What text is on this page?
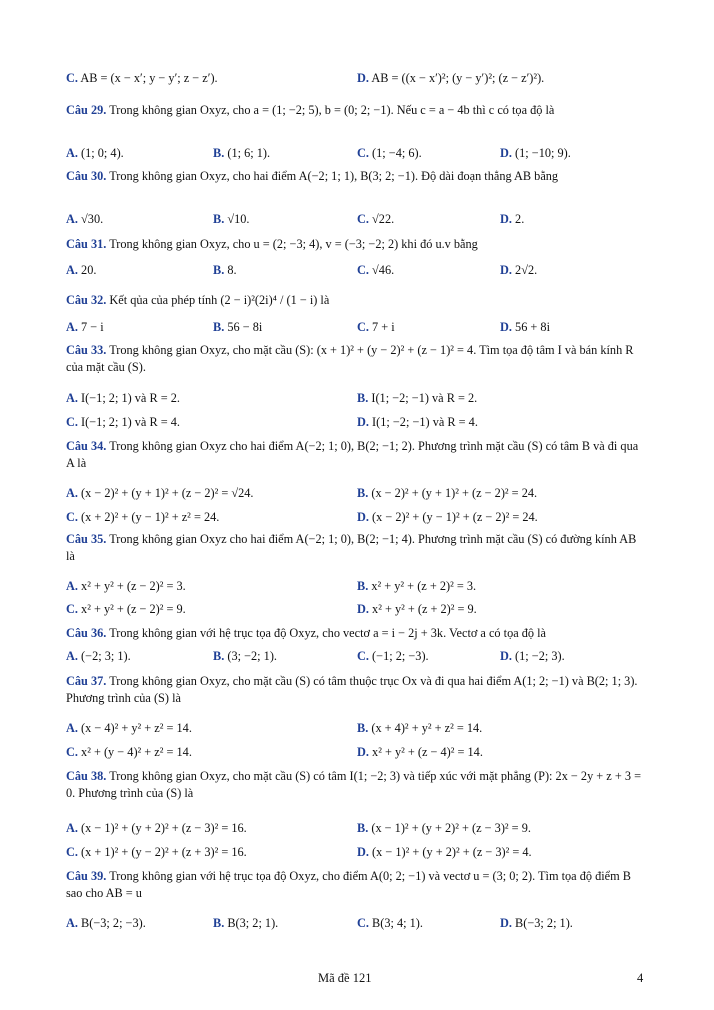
C. AB = (x − x′; y − y′; z − z′).	D. AB = ((x − x′)²; (y − y′)²; (z − z′)²).
Câu 29. Trong không gian Oxyz, cho a = (1; −2; 5), b = (0; 2; −1). Nếu c = a − 4b thì c có tọa độ là
A. (1; 0; 4).	B. (1; 6; 1).	C. (1; −4; 6).	D. (1; −10; 9).
Câu 30. Trong không gian Oxyz, cho hai điểm A(−2; 1; 1), B(3; 2; −1). Độ dài đoạn thẳng AB bằng
A. √30.	B. √10.	C. √22.	D. 2.
Câu 31. Trong không gian Oxyz, cho u = (2; −3; 4), v = (−3; −2; 2) khi đó u.v bằng
A. 20.	B. 8.	C. √46.	D. 2√2.
Câu 32. Kết qủa của phép tính (2 − i)²(2i)⁴ / (1 − i) là
A. 7 − i	B. 56 − 8i	C. 7 + i	D. 56 + 8i
Câu 33. Trong không gian Oxyz, cho mặt cầu (S): (x + 1)² + (y − 2)² + (z − 1)² = 4. Tìm tọa độ tâm I và bán kính R của mặt cầu (S).
A. I(−1; 2; 1) và R = 2.	B. I(1; −2; −1) và R = 2.
C. I(−1; 2; 1) và R = 4.	D. I(1; −2; −1) và R = 4.
Câu 34. Trong không gian Oxyz cho hai điểm A(−2; 1; 0), B(2; −1; 2). Phương trình mặt cầu (S) có tâm B và đi qua A là
A. (x − 2)² + (y + 1)² + (z − 2)² = √24.	B. (x − 2)² + (y + 1)² + (z − 2)² = 24.
C. (x + 2)² + (y − 1)² + z² = 24.	D. (x − 2)² + (y − 1)² + (z − 2)² = 24.
Câu 35. Trong không gian Oxyz cho hai điểm A(−2; 1; 0), B(2; −1; 4). Phương trình mặt cầu (S) có đường kính AB là
A. x² + y² + (z − 2)² = 3.	B. x² + y² + (z + 2)² = 3.
C. x² + y² + (z − 2)² = 9.	D. x² + y² + (z + 2)² = 9.
Câu 36. Trong không gian với hệ trục tọa độ Oxyz, cho vectơ a = i − 2j + 3k. Vectơ a có tọa độ là
A. (−2; 3; 1).	B. (3; −2; 1).	C. (−1; 2; −3).	D. (1; −2; 3).
Câu 37. Trong không gian Oxyz, cho mặt cầu (S) có tâm thuộc trục Ox và đi qua hai điểm A(1; 2; −1) và B(2; 1; 3). Phương trình của (S) là
A. (x − 4)² + y² + z² = 14.	B. (x + 4)² + y² + z² = 14.
C. x² + (y − 4)² + z² = 14.	D. x² + y² + (z − 4)² = 14.
Câu 38. Trong không gian Oxyz, cho mặt cầu (S) có tâm I(1; −2; 3) và tiếp xúc với mặt phẳng (P): 2x − 2y + z + 3 = 0. Phương trình của (S) là
A. (x − 1)² + (y + 2)² + (z − 3)² = 16.	B. (x − 1)² + (y + 2)² + (z − 3)² = 9.
C. (x + 1)² + (y − 2)² + (z + 3)² = 16.	D. (x − 1)² + (y + 2)² + (z − 3)² = 4.
Câu 39. Trong không gian với hệ trục tọa độ Oxyz, cho điểm A(0; 2; −1) và vectơ u = (3; 0; 2). Tìm tọa độ điểm B sao cho AB = u
A. B(−3; 2; −3).	B. B(3; 2; 1).	C. B(3; 4; 1).	D. B(−3; 2; 1).
Mã đề 121	4
